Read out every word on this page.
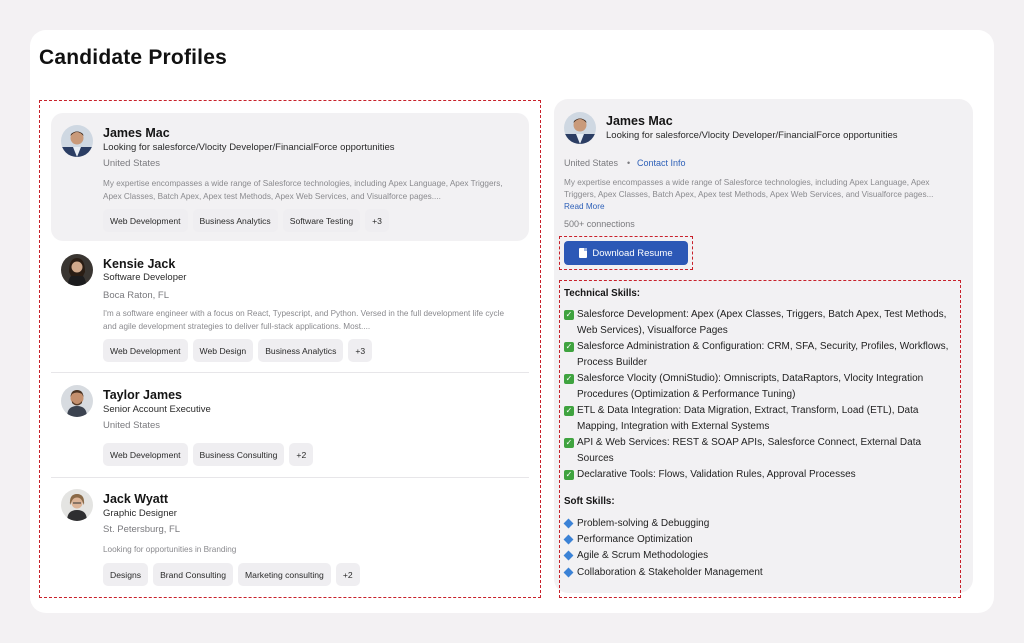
Candidate Profiles
James Mac
Looking for salesforce/Vlocity Developer/FinancialForce opportunities
United States
My expertise encompasses a wide range of Salesforce technologies, including Apex Language, Apex Triggers, Apex Classes, Batch Apex, Apex test Methods, Apex Web Services, and Visualforce pages....
Web Development	Business Analytics	Software Testing	+3
Kensie Jack
Software Developer
Boca Raton, FL
I'm a software engineer with a focus on React, Typescript, and Python. Versed in the full development life cycle and agile development strategies to deliver full-stack applications. Most....
Web Development	Web Design	Business Analytics	+3
Taylor James
Senior Account Executive
United States
Web Development	Business Consulting	+2
Jack Wyatt
Graphic Designer
St. Petersburg, FL
Looking for opportunities in Branding
Designs	Brand Consulting	Marketing consulting	+2
James Mac
Looking for salesforce/Vlocity Developer/FinancialForce opportunities
United States • Contact Info
My expertise encompasses a wide range of Salesforce technologies, including Apex Language, Apex Triggers, Apex Classes, Batch Apex, Apex test Methods, Apex Web Services, and Visualforce pages... Read More
500+ connections
Download Resume
Technical Skills:
✓ Salesforce Development: Apex (Apex Classes, Triggers, Batch Apex, Test Methods, Web Services), Visualforce Pages
✓ Salesforce Administration & Configuration: CRM, SFA, Security, Profiles, Workflows, Process Builder
✓ Salesforce Vlocity (OmniStudio): Omniscripts, DataRaptors, Vlocity Integration Procedures (Optimization & Performance Tuning)
✓ ETL & Data Integration: Data Migration, Extract, Transform, Load (ETL), Data Mapping, Integration with External Systems
✓ API & Web Services: REST & SOAP APIs, Salesforce Connect, External Data Sources
✓ Declarative Tools: Flows, Validation Rules, Approval Processes
Soft Skills:
Problem-solving & Debugging
Performance Optimization
Agile & Scrum Methodologies
Collaboration & Stakeholder Management
